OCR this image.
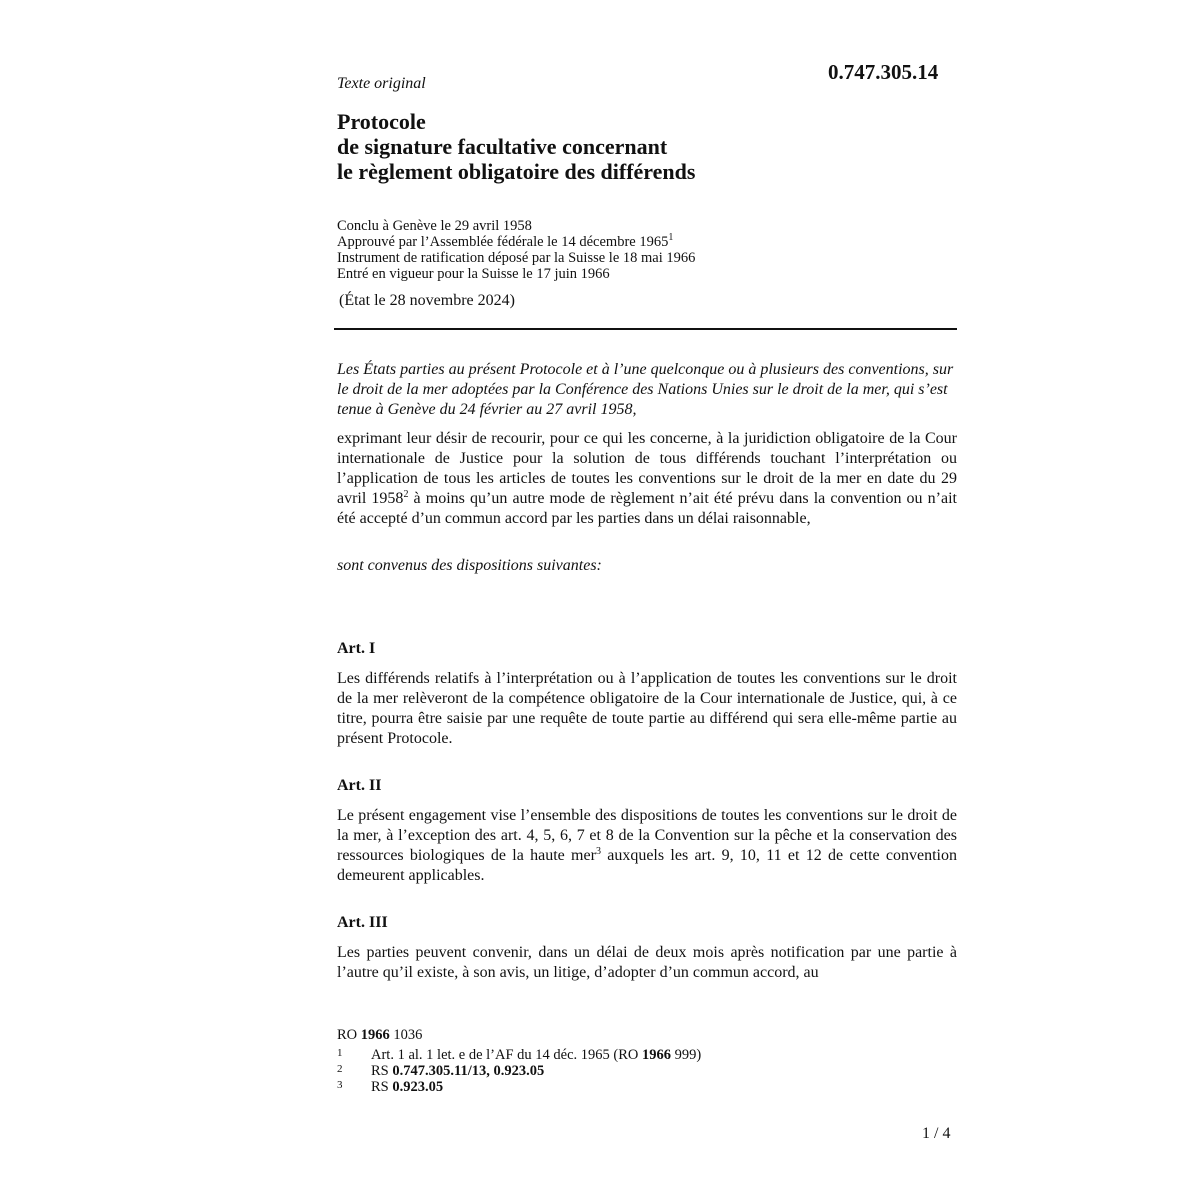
0.747.305.14
Texte original
Protocole
de signature facultative concernant
le règlement obligatoire des différends
Conclu à Genève le 29 avril 1958
Approuvé par l’Assemblée fédérale le 14 décembre 1965$^1$
Instrument de ratification déposé par la Suisse le 18 mai 1966
Entré en vigueur pour la Suisse le 17 juin 1966
(État le 28 novembre 2024)
Les États parties au présent Protocole et à l’une quelconque ou à plusieurs des conventions, sur le droit de la mer adoptées par la Conférence des Nations Unies sur le droit de la mer, qui s’est tenue à Genève du 24 février au 27 avril 1958,
exprimant leur désir de recourir, pour ce qui les concerne, à la juridiction obligatoire de la Cour internationale de Justice pour la solution de tous différends touchant l’interprétation ou l’application de tous les articles de toutes les conventions sur le droit de la mer en date du 29 avril 1958$^2$ à moins qu’un autre mode de règlement n’ait été prévu dans la convention ou n’ait été accepté d’un commun accord par les parties dans un délai raisonnable,
sont convenus des dispositions suivantes:
Art. I
Les différends relatifs à l’interprétation ou à l’application de toutes les conventions sur le droit de la mer relèveront de la compétence obligatoire de la Cour internationale de Justice, qui, à ce titre, pourra être saisie par une requête de toute partie au différend qui sera elle-même partie au présent Protocole.
Art. II
Le présent engagement vise l’ensemble des dispositions de toutes les conventions sur le droit de la mer, à l’exception des art. 4, 5, 6, 7 et 8 de la Convention sur la pêche et la conservation des ressources biologiques de la haute mer$^3$ auxquels les art. 9, 10, 11 et 12 de cette convention demeurent applicables.
Art. III
Les parties peuvent convenir, dans un délai de deux mois après notification par une partie à l’autre qu’il existe, à son avis, un litige, d’adopter d’un commun accord, au
RO 1966 1036
1 Art. 1 al. 1 let. e de l’AF du 14 déc. 1965 (RO 1966 999)
2 RS 0.747.305.11/13, 0.923.05
3 RS 0.923.05
1 / 4
